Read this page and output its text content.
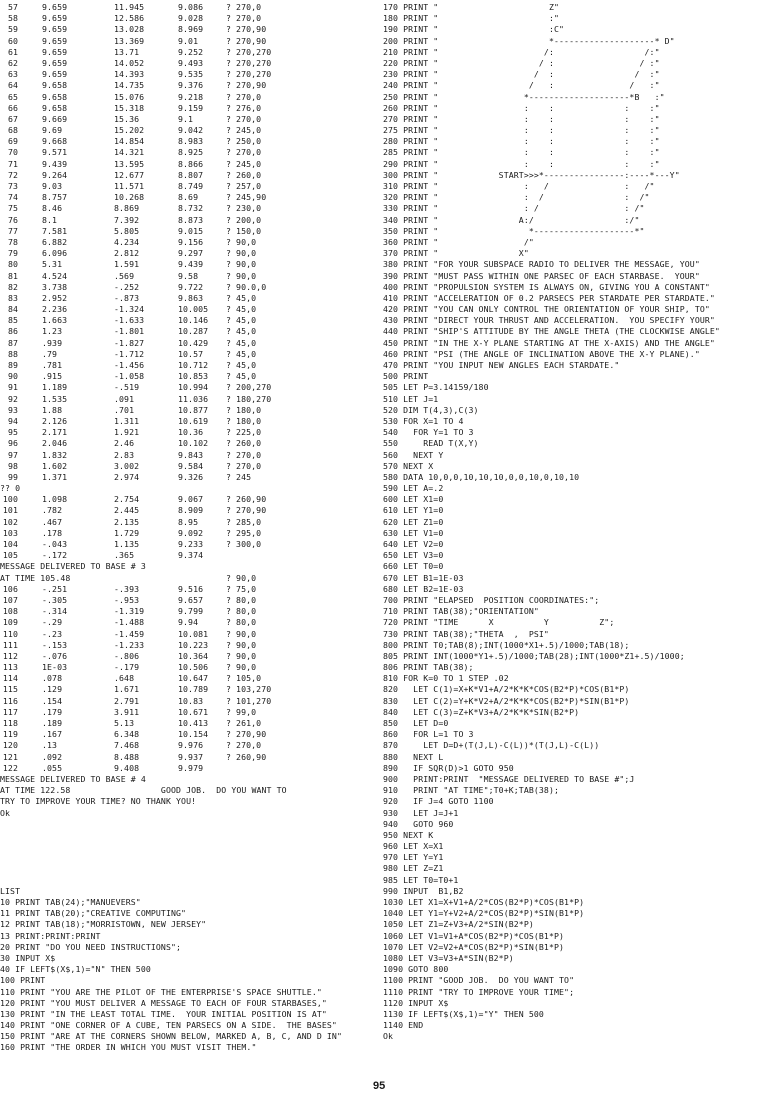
57	9.659	11.945	9.086	? 270,0
58	9.659	12.586	9.028	? 270,0
59	9.659	13.028	8.969	? 270,90
60	9.659	13.369	9.01	? 270,90
61	9.659	13.71	9.252	? 270,270
62	9.659	14.052	9.493	? 270,270
63	9.659	14.393	9.535	? 270,270
64	9.658	14.735	9.376	? 270,90
65	9.658	15.076	9.218	? 270,0
66	9.658	15.318	9.159	? 276,0
67	9.669	15.36	9.1	? 270,0
68	9.69	15.202	9.042	? 245,0
69	9.668	14.854	8.983	? 250,0
70	9.571	14.321	8.925	? 270,0
71	9.439	13.595	8.866	? 245,0
72	9.264	12.677	8.807	? 260,0
73	9.03	11.571	8.749	? 257,0
74	8.757	10.268	8.69	? 245,90
75	8.46	8.869	8.732	? 230,0
76	8.1	7.392	8.873	? 200,0
77	7.581	5.805	9.015	? 150,0
78	6.882	4.234	9.156	? 90,0
79	6.096	2.812	9.297	? 90,0
80	5.31	1.591	9.439	? 90,0
81	4.524	.569	9.58	? 90,0
82	3.738	-.252	9.722	? 90.0,0
83	2.952	-.873	9.863	? 45,0
84	2.236	-1.324	10.005	? 45,0
85	1.663	-1.633	10.146	? 45,0
86	1.23	-1.801	10.287	? 45,0
87	.939	-1.827	10.429	? 45,0
88	.79	-1.712	10.57	? 45,0
89	.781	-1.456	10.712	? 45,0
90	.915	-1.058	10.853	? 45,0
91	1.189	-.519	10.994	? 200,270
92	1.535	.091	11.036	? 180,270
93	1.88	.701	10.877	? 180,0
94	2.126	1.311	10.619	? 180,0
95	2.171	1.921	10.36	? 225,0
96	2.046	2.46	10.102	? 260,0
97	1.832	2.83	9.843	? 270,0
98	1.602	3.002	9.584	? 270,0
99	1.371	2.974	9.326	? 245
?? 0
100	1.098	2.754	9.067	? 260,90
101	.782	2.445	8.909	? 270,90
102	.467	2.135	8.95	? 285,0
103	.178	1.729	9.092	? 295,0
104	-.043	1.135	9.233	? 300,0
105	-.172	.365	9.374
MESSAGE DELIVERED TO BASE # 3
AT TIME 105.48	? 90,0
106	-.251	-.393	9.516	? 75,0
107	-.305	-.953	9.657	? 80,0
108	-.314	-1.319	9.799	? 80,0
109	-.29	-1.488	9.94	? 80,0
110	-.23	-1.459	10.081	? 90,0
111	-.153	-1.233	10.223	? 90,0
112	-.076	-.806	10.364	? 90,0
113	1E-03	-.179	10.506	? 90,0
114	.078	.648	10.647	? 105,0
115	.129	1.671	10.789	? 103,270
116	.154	2.791	10.83	? 101,270
117	.179	3.911	10.671	? 99,0
118	.189	5.13	10.413	? 261,0
119	.167	6.348	10.154	? 270,90
120	.13	7.468	9.976	? 270,0
121	.092	8.488	9.937	? 260,90
122	.055	9.408	9.979
MESSAGE DELIVERED TO BASE # 4
AT TIME 122.58                  GOOD JOB.  DO YOU WANT TO
TRY TO IMPROVE YOUR TIME? NO THANK YOU!
Ok
LIST
10 PRINT TAB(24);"MANUEVERS"
11 PRINT TAB(20);"CREATIVE COMPUTING"
12 PRINT TAB(18);"MORRISTOWN, NEW JERSEY"
13 PRINT:PRINT:PRINT
20 PRINT "DO YOU NEED INSTRUCTIONS";
30 INPUT X$
40 IF LEFT$(X$,1)="N" THEN 500
100 PRINT
110 PRINT "YOU ARE THE PILOT OF THE ENTERPRISE'S SPACE SHUTTLE."
120 PRINT "YOU MUST DELIVER A MESSAGE TO EACH OF FOUR STARBASES,"
130 PRINT "IN THE LEAST TOTAL TIME.  YOUR INITIAL POSITION IS AT"
140 PRINT "ONE CORNER OF A CUBE, TEN PARSECS ON A SIDE.  THE BASES"
150 PRINT "ARE AT THE CORNERS SHOWN BELOW, MARKED A, B, C, AND D IN"
160 PRINT "THE ORDER IN WHICH YOU MUST VISIT THEM."
170 PRINT "                      Z"
180 PRINT "                      :"
190 PRINT "                      :C"
200 PRINT "                      *--------------------* D"
210 PRINT "                     /:                  /:"
220 PRINT "                    / :                 / :"
230 PRINT "                   /  :                /  :"
240 PRINT "                  /   :               /   :"
250 PRINT "                 *--------------------*B   :"
260 PRINT "                 :    :              :    :"
270 PRINT "                 :    :              :    :"
275 PRINT "                 :    :              :    :"
280 PRINT "                 :    :              :    :"
285 PRINT "                 :    :              :    :"
290 PRINT "                 :    :              :    :"
300 PRINT "            START>>>*----------------:----*---Y"
310 PRINT "                 :   /               :   /"
320 PRINT "                 :  /                :  /"
330 PRINT "                 : /                 : /"
340 PRINT "                A:/                  :/"
350 PRINT "                  *--------------------*"
360 PRINT "                 /"
370 PRINT "                X"
380 PRINT "FOR YOUR SUBSPACE RADIO TO DELIVER THE MESSAGE, YOU"
390 PRINT "MUST PASS WITHIN ONE PARSEC OF EACH STARBASE.  YOUR"
400 PRINT "PROPULSION SYSTEM IS ALWAYS ON, GIVING YOU A CONSTANT"
410 PRINT "ACCELERATION OF 0.2 PARSECS PER STARDATE PER STARDATE."
420 PRINT "YOU CAN ONLY CONTROL THE ORIENTATION OF YOUR SHIP, TO"
430 PRINT "DIRECT YOUR THRUST AND ACCELERATION.  YOU SPECIFY YOUR"
440 PRINT "SHIP'S ATTITUDE BY THE ANGLE THETA (THE CLOCKWISE ANGLE"
450 PRINT "IN THE X-Y PLANE STARTING AT THE X-AXIS) AND THE ANGLE"
460 PRINT "PSI (THE ANGLE OF INCLINATION ABOVE THE X-Y PLANE)."
470 PRINT "YOU INPUT NEW ANGLES EACH STARDATE."
500 PRINT
505 LET P=3.14159/180
510 LET J=1
520 DIM T(4,3),C(3)
530 FOR X=1 TO 4
540   FOR Y=1 TO 3
550     READ T(X,Y)
560   NEXT Y
570 NEXT X
580 DATA 10,0,0,10,10,10,0,0,10,0,10,10
590 LET A=.2
600 LET X1=0
610 LET Y1=0
620 LET Z1=0
630 LET V1=0
640 LET V2=0
650 LET V3=0
660 LET T0=0
670 LET B1=1E-03
680 LET B2=1E-03
700 PRINT "ELAPSED  POSITION COORDINATES:";
710 PRINT TAB(38);"ORIENTATION"
720 PRINT "TIME      X          Y          Z";
730 PRINT TAB(38);"THETA  ,  PSI"
800 PRINT T0;TAB(8);INT(1000*X1+.5)/1000;TAB(18);
805 PRINT INT(1000*Y1+.5)/1000;TAB(28);INT(1000*Z1+.5)/1000;
806 PRINT TAB(38);
810 FOR K=0 TO 1 STEP .02
820   LET C(1)=X+K*V1+A/2*K*K*COS(B2*P)*COS(B1*P)
830   LET C(2)=Y+K*V2+A/2*K*K*COS(B2*P)*SIN(B1*P)
840   LET C(3)=Z+K*V3+A/2*K*K*SIN(B2*P)
850   LET D=0
860   FOR L=1 TO 3
870     LET D=D+(T(J,L)-C(L))*(T(J,L)-C(L))
880   NEXT L
890   IF SQR(D)>1 GOTO 950
900   PRINT:PRINT  "MESSAGE DELIVERED TO BASE #";J
910   PRINT "AT TIME";T0+K;TAB(38);
920   IF J=4 GOTO 1100
930   LET J=J+1
940   GOTO 960
950 NEXT K
960 LET X=X1
970 LET Y=Y1
980 LET Z=Z1
985 LET T0=T0+1
990 INPUT  B1,B2
1030 LET X1=X+V1+A/2*COS(B2*P)*COS(B1*P)
1040 LET Y1=Y+V2+A/2*COS(B2*P)*SIN(B1*P)
1050 LET Z1=Z+V3+A/2*SIN(B2*P)
1060 LET V1=V1+A*COS(B2*P)*COS(B1*P)
1070 LET V2=V2+A*COS(B2*P)*SIN(B1*P)
1080 LET V3=V3+A*SIN(B2*P)
1090 GOTO 800
1100 PRINT "GOOD JOB.  DO YOU WANT TO"
1110 PRINT "TRY TO IMPROVE YOUR TIME";
1120 INPUT X$
1130 IF LEFT$(X$,1)="Y" THEN 500
1140 END
Ok
95
